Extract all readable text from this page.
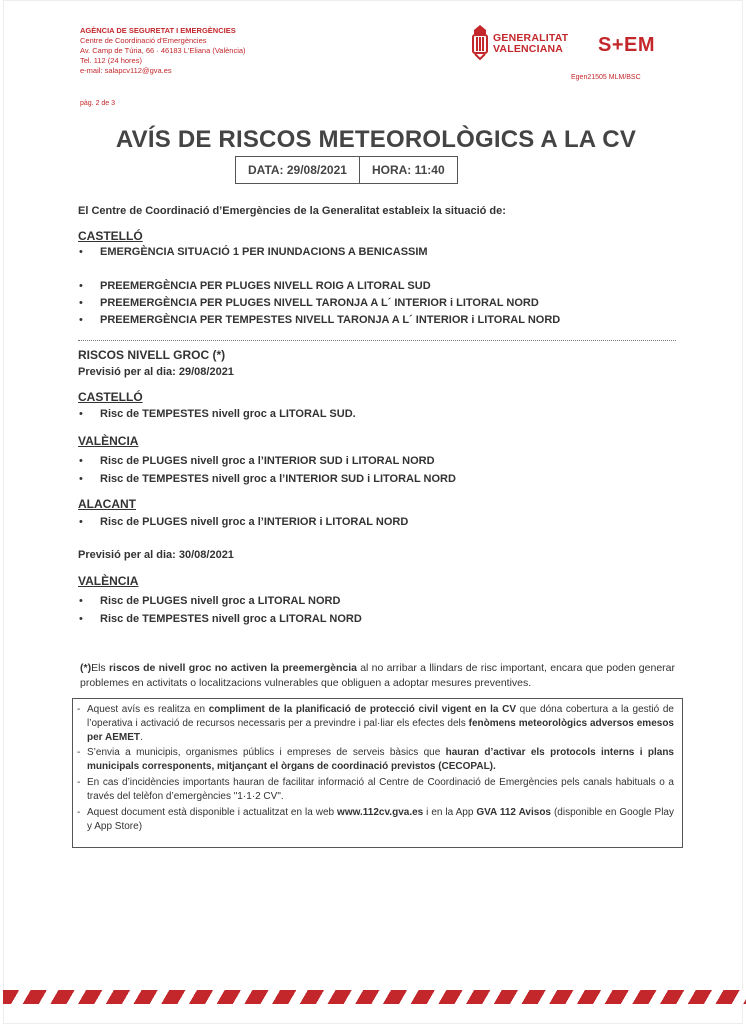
AGÈNCIA DE SEGURETAT I EMERGÈNCIES
Centre de Coordinació d'Emergències
Av. Camp de Túria, 66 · 46183 L'Eliana (València)
Tel. 112 (24 hores)
e-mail: salapcv112@gva.es
pàg. 2 de 3
GENERALITAT
VALENCIANA S+EM
Egen21505 MLM/BSC
AVÍS DE RISCOS METEOROLÒGICS A LA CV
DATA: 29/08/2021	HORA: 11:40
El Centre de Coordinació d’Emergències de la Generalitat estableix la situació de:
CASTELLÓ
• EMERGÈNCIA SITUACIÓ 1 PER INUNDACIONS A BENICASSIM
• PREEMERGÈNCIA PER PLUGES NIVELL ROIG A LITORAL SUD
• PREEMERGÈNCIA PER PLUGES NIVELL TARONJA A L´ INTERIOR i LITORAL NORD
• PREEMERGÈNCIA PER TEMPESTES NIVELL TARONJA A L´ INTERIOR i LITORAL NORD
RISCOS NIVELL GROC (*)
Previsió per al dia: 29/08/2021
CASTELLÓ
• Risc de TEMPESTES nivell groc a LITORAL SUD.
VALÈNCIA
• Risc de PLUGES nivell groc a l’INTERIOR SUD i LITORAL NORD
• Risc de TEMPESTES nivell groc a l’INTERIOR SUD i LITORAL NORD
ALACANT
• Risc de PLUGES nivell groc a l’INTERIOR i LITORAL NORD
Previsió per al dia: 30/08/2021
VALÈNCIA
• Risc de PLUGES nivell groc a LITORAL NORD
• Risc de TEMPESTES nivell groc a LITORAL NORD
(*)Els riscos de nivell groc no activen la preemergència al no arribar a llindars de risc important, encara que poden generar problemes en activitats o localitzacions vulnerables que obliguen a adoptar mesures preventives.
- Aquest avís es realitza en compliment de la planificació de protecció civil vigent en la CV que dóna cobertura a la gestió de l’operativa i activació de recursos necessaris per a previndre i pal·liar els efectes dels fenòmens meteorològics adversos emesos per AEMET.
- S’envia a municipis, organismes públics i empreses de serveis bàsics que hauran d’activar els protocols interns i plans municipals corresponents, mitjançant el òrgans de coordinació previstos (CECOPAL).
- En cas d’incidències importants hauran de facilitar informació al Centre de Coordinació de Emergències pels canals habituals o a través del telèfon d’emergències "1·1·2 CV".
- Aquest document està disponible i actualitzat en la web www.112cv.gva.es i en la App GVA 112 Avisos (disponible en Google Play y App Store)
